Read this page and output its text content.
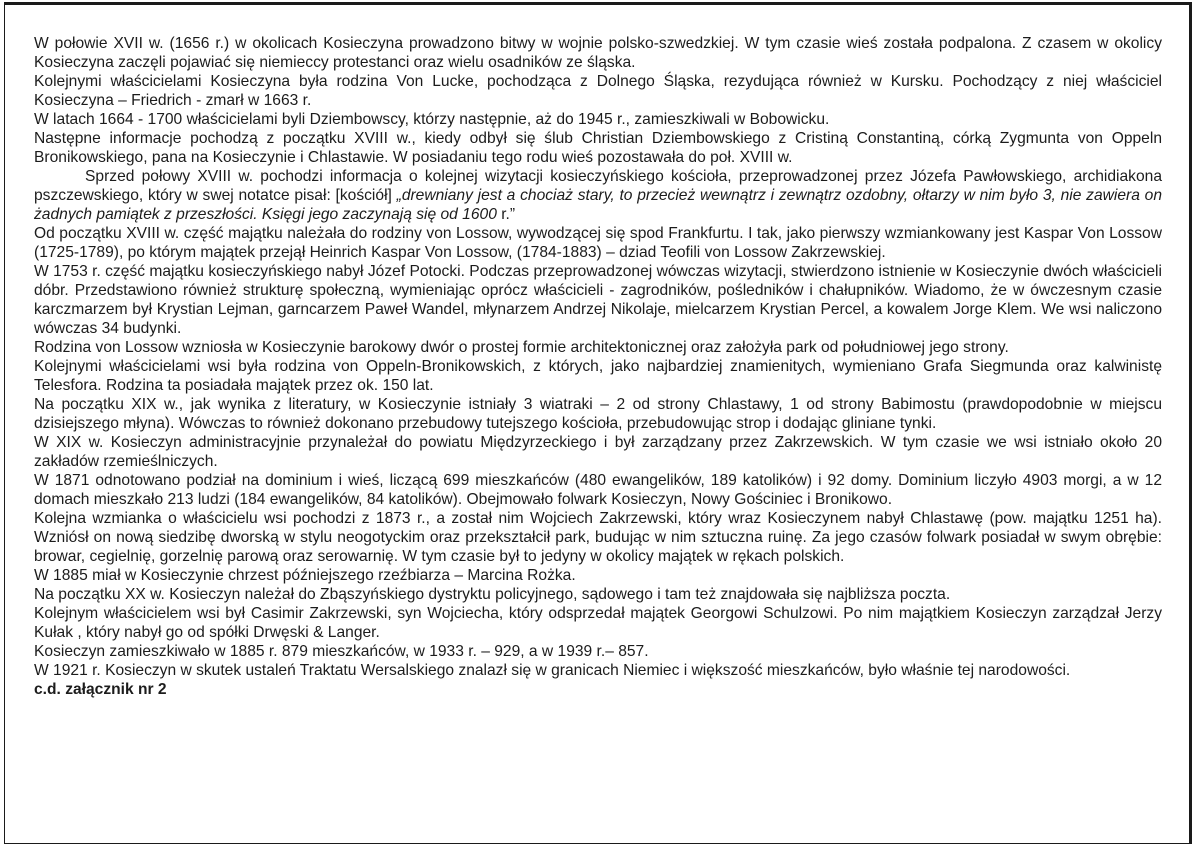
W połowie XVII w. (1656 r.) w okolicach Kosieczyna prowadzono bitwy w wojnie polsko-szwedzkiej. W tym czasie wieś została podpalona. Z czasem w okolicy Kosieczyna zaczęli pojawiać się niemieccy protestanci oraz wielu osadników ze śląska.

Kolejnymi właścicielami Kosieczyna była rodzina Von Lucke, pochodząca z Dolnego Śląska, rezydująca również w Kursku. Pochodzący z niej właściciel Kosieczyna – Friedrich - zmarł w 1663 r.

W latach 1664 - 1700 właścicielami byli Dziembowscy, którzy następnie, aż do 1945 r., zamieszkiwali w Bobowicku.

Następne informacje pochodzą z początku XVIII w., kiedy odbył się ślub Christian Dziembowskiego z Cristiną Constantiną, córką Zygmunta von Oppeln Bronikowskiego, pana na Kosieczynie i Chlastawie. W posiadaniu tego rodu wieś pozostawała do poł. XVIII w.

Sprzed połowy XVIII w. pochodzi informacja o kolejnej wizytacji kosieczyńskiego kościoła, przeprowadzonej przez Józefa Pawłowskiego, archidiakona pszczewskiego, który w swej notatce pisał: [kościół] „drewniany jest a chociaż stary, to przecież wewnątrz i zewnątrz ozdobny, ołtarzy w nim było 3, nie zawiera on żadnych pamiątek z przeszłości. Księgi jego zaczynają się od 1600 r.”

Od początku XVIII w. część majątku należała do rodziny von Lossow, wywodzącej się spod Frankfurtu. I tak, jako pierwszy wzmiankowany jest Kaspar Von Lossow (1725-1789), po którym majątek przejął Heinrich Kaspar Von Lossow, (1784-1883) – dziad Teofili von Lossow Zakrzewskiej.

W 1753 r. część majątku kosieczyńskiego nabył Józef Potocki. Podczas przeprowadzonej wówczas wizytacji, stwierdzono istnienie w Kosieczynie dwóch właścicieli dóbr. Przedstawiono również strukturę społeczną, wymieniając oprócz właścicieli - zagrodników, pośledników i chałupników. Wiadomo, że w ówczesnym czasie karczmarzem był Krystian Lejman, garncarzem Paweł Wandel, młynarzem Andrzej Nikolaje, mielcarzem Krystian Percel, a kowalem Jorge Klem. We wsi naliczono wówczas 34 budynki.

Rodzina von Lossow wzniosła w Kosieczynie barokowy dwór o prostej formie architektonicznej oraz założyła park od południowej jego strony.

Kolejnymi właścicielami wsi była rodzina von Oppeln-Bronikowskich, z których, jako najbardziej znamienitych, wymieniano Grafa Siegmunda oraz kalwinistę Telesfora. Rodzina ta posiadała majątek przez ok. 150 lat.

Na początku XIX w., jak wynika z literatury, w Kosieczynie istniały 3 wiatraki – 2 od strony Chlastawy, 1 od strony Babimostu (prawdopodobnie w miejscu dzisiejszego młyna). Wówczas to również dokonano przebudowy tutejszego kościoła, przebudowując strop i dodając gliniane tynki.

W XIX w. Kosieczyn administracyjnie przynależał do powiatu Międzyrzeckiego i był zarządzany przez Zakrzewskich. W tym czasie we wsi istniało około 20 zakładów rzemieślniczych.

W 1871 odnotowano podział na dominium i wieś, liczącą 699 mieszkańców (480 ewangelików, 189 katolików) i 92 domy. Dominium liczyło 4903 morgi, a w 12 domach mieszkało 213 ludzi (184 ewangelików, 84 katolików). Obejmowało folwark Kosieczyn, Nowy Gościniec i Bronikowo.

Kolejna wzmianka o właścicielu wsi pochodzi z 1873 r., a został nim Wojciech Zakrzewski, który wraz Kosieczynem nabył Chlastawę (pow. majątku 1251 ha). Wzniósł on nową siedzibę dworską w stylu neogotyckim oraz przekształcił park, budując w nim sztuczna ruinę. Za jego czasów folwark posiadał w swym obrębie: browar, cegielnię, gorzelnię parową oraz serowarnię. W tym czasie był to jedyny w okolicy majątek w rękach polskich.

W 1885 miał w Kosieczynie chrzest późniejszego rzeźbiarza – Marcina Rożka.

Na początku XX w. Kosieczyn należał do Zbąszyńskiego dystryktu policyjnego, sądowego i tam też znajdowała się najbliższa poczta.

Kolejnym właścicielem wsi był Casimir Zakrzewski, syn Wojciecha, który odsprzedał majątek Georgowi Schulzowi. Po nim majątkiem Kosieczyn zarządzał Jerzy Kułak , który nabył go od spółki Drwęski & Langer.

Kosieczyn zamieszkiwało w 1885 r. 879 mieszkańców, w 1933 r. – 929, a w 1939 r.– 857.

W 1921 r. Kosieczyn w skutek ustaleń Traktatu Wersalskiego znalazł się w granicach Niemiec i większość mieszkańców, było właśnie tej narodowości.

c.d. załącznik nr 2
